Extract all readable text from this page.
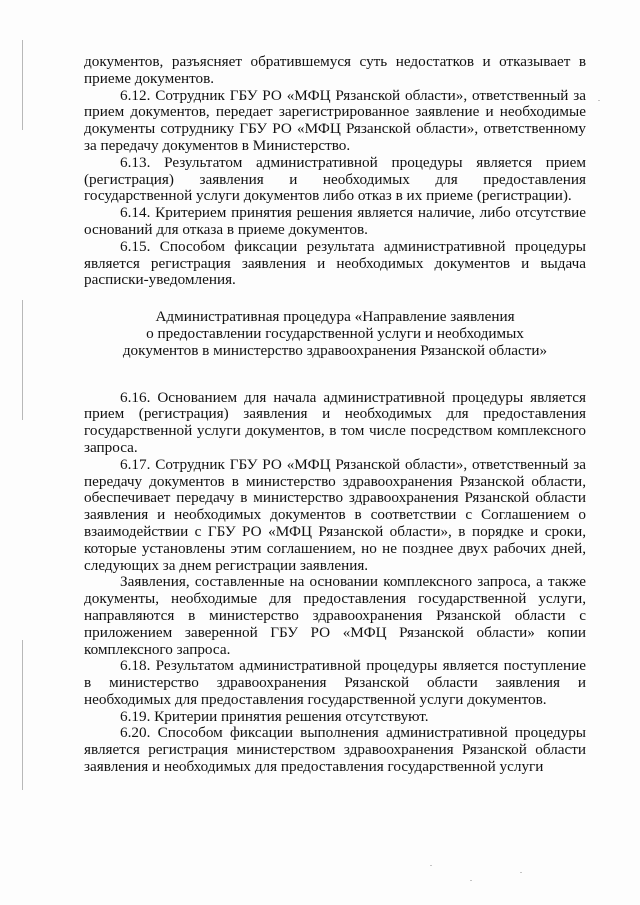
документов, разъясняет обратившемуся суть недостатков и отказывает в приеме документов.

6.12. Сотрудник ГБУ РО «МФЦ Рязанской области», ответственный за прием документов, передает зарегистрированное заявление и необходимые документы сотруднику ГБУ РО «МФЦ Рязанской области», ответственному за передачу документов в Министерство.

6.13. Результатом административной процедуры является прием (регистрация) заявления и необходимых для предоставления государственной услуги документов либо отказ в их приеме (регистрации).

6.14. Критерием принятия решения является наличие, либо отсутствие оснований для отказа в приеме документов.

6.15. Способом фиксации результата административной процедуры является регистрация заявления и необходимых документов и выдача расписки-уведомления.

Административная процедура «Направление заявления
о предоставлении государственной услуги и необходимых
документов в министерство здравоохранения Рязанской области»

6.16. Основанием для начала административной процедуры является прием (регистрация) заявления и необходимых для предоставления государственной услуги документов, в том числе посредством комплексного запроса.

6.17. Сотрудник ГБУ РО «МФЦ Рязанской области», ответственный за передачу документов в министерство здравоохранения Рязанской области, обеспечивает передачу в министерство здравоохранения Рязанской области заявления и необходимых документов в соответствии с Соглашением о взаимодействии с ГБУ РО «МФЦ Рязанской области», в порядке и сроки, которые установлены этим соглашением, но не позднее двух рабочих дней, следующих за днем регистрации заявления.

Заявления, составленные на основании комплексного запроса, а также документы, необходимые для предоставления государственной услуги, направляются в министерство здравоохранения Рязанской области с приложением заверенной ГБУ РО «МФЦ Рязанской области» копии комплексного запроса.

6.18. Результатом административной процедуры является поступление в министерство здравоохранения Рязанской области заявления и необходимых для предоставления государственной услуги документов.

6.19. Критерии принятия решения отсутствуют.

6.20. Способом фиксации выполнения административной процедуры является регистрация министерством здравоохранения Рязанской области заявления и необходимых для предоставления государственной услуги
